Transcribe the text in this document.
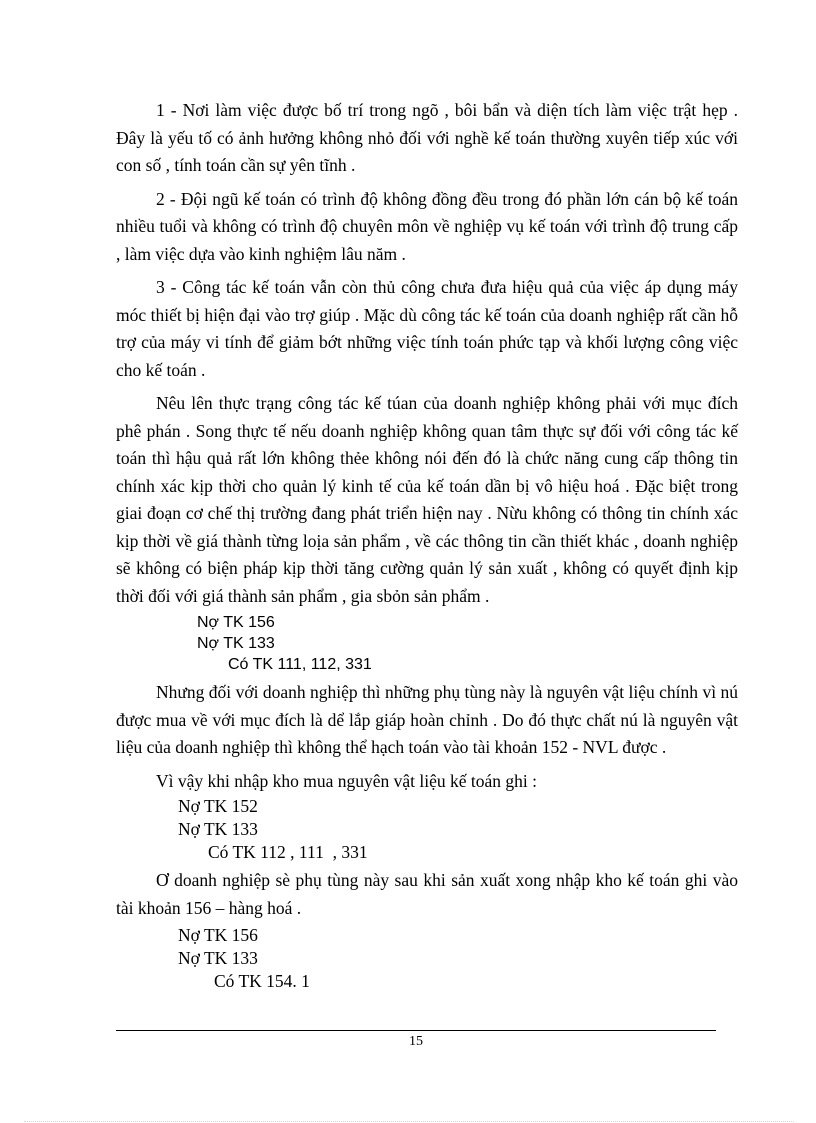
1 - Nơi làm việc được bố trí trong ngõ , bôi bẩn và diện tích làm việc trật hẹp . Đây là yếu tố có ảnh hưởng không nhỏ đối với nghề kế toán thường xuyên tiếp xúc với con số , tính toán cần sự yên tĩnh .

2 - Đội ngũ kế toán có trình độ không đồng đều trong đó phần lớn cán bộ kế toán nhiều tuổi và không có trình độ chuyên môn về nghiệp vụ kế toán với trình độ trung cấp , làm việc dựa vào kinh nghiệm lâu năm .

3 - Công tác kế toán vẫn còn thủ công chưa đưa hiệu quả của việc áp dụng máy móc thiết bị hiện đại vào trợ giúp . Mặc dù công tác kế toán của doanh nghiệp rất cần hỗ trợ của máy vi tính để giảm bớt những việc tính toán phức tạp và khối lượng công việc cho kế toán .

Nêu lên thực trạng công tác kế túan của doanh nghiệp không phải với mục đích phê phán . Song thực tế nếu doanh nghiệp không quan tâm thực sự đối với công tác kế toán thì hậu quả rất lớn không thẻe không nói đến đó là chức năng cung cấp thông tin chính xác kịp thời cho quản lý kinh tế của kế toán dần bị vô hiệu hoá . Đặc biệt trong giai đoạn cơ chế thị trường đang phát triển hiện nay . Nừu không có thông tin chính xác kịp thời về giá thành từng loịa sản phẩm , về các thông tin cần thiết khác , doanh nghiệp sẽ không có biện pháp kịp thời tăng cường quản lý sản xuất , không có quyết định kịp thời đối với giá thành sản phẩm , gia sbỏn sản phẩm .

Nợ TK 156
Nợ TK 133
Có TK 111, 112, 331

Nhưng đối với doanh nghiệp thì những phụ tùng này là nguyên vật liệu chính vì nú được mua về với mục đích là dể lắp giáp hoàn chỉnh . Do đó thực chất nú là nguyên vật liệu của doanh nghiệp thì không thể hạch toán vào tài khoản 152 - NVL được .

Vì vậy khi nhập kho mua nguyên vật liệu kế toán ghi :

Nợ TK 152
Nợ TK 133
Có TK 112 , 111  , 331

Ơ doanh nghiệp sè phụ tùng này sau khi sản xuất xong nhập kho kế toán ghi vào tài khoản 156 – hàng hoá .

Nợ TK 156
Nợ TK 133
Có TK 154. 1
15
